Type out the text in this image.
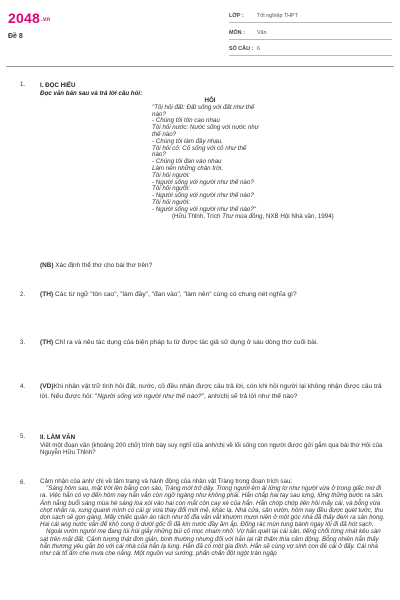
$2048^{.vn}$
Đề 8
LỚP : Tốt nghiệp THPT
MÔN : Văn
SỐ CÂU : 6
1. I. ĐỌC HIỂU
Đọc văn bản sau và trả lời câu hỏi:
HỎI
"Tôi hỏi đất: Đất sống với đất như thế
nào?
- Chúng tôi tôn cao nhau
Tôi hỏi nước: Nước sống với nước như
thế nào?
- Chúng tôi làm đầy nhau.
Tôi hỏi cỏ: Cỏ sống với cỏ như thế
nào?
- Chúng tôi đan vào nhau
Làm nên những chân trời.
Tôi hỏi người:
- Người sống với người như thế nào?
Tôi hỏi người:
- Người sống với người như thế nào?
Tôi hỏi người:
- Người sống với người như thế nào?"
(Hữu Thỉnh, Trích Thư mùa đông, NXB Hội Nhà văn, 1994)
(NB) Xác định thể thơ cho bài thơ trên?
2. (TH) Các từ ngữ "tôn cao", "làm đầy", "đan vào", "làm nên" cùng có chung nét nghĩa gì?
3. (TH) Chỉ ra và nêu tác dụng của biện pháp tu từ được tác giả sử dụng ở sáu dòng thơ cuối bài.
4. (VD)Khi nhân vật trữ tình hỏi đất, nước, cỏ đều nhận được câu trả lời, còn khi hỏi người lại không nhận được câu trả lời. Nếu được hỏi: "Người sống với người như thế nào?", anh/chị sẽ trả lời như thế nào?
5. II. LÀM VĂN
Viết một đoạn văn (khoảng 200 chữ) trình bày suy nghĩ của anh/chị về lối sống con người được gửi gắm qua bài thơ Hỏi của Nguyễn Hữu Thỉnh?
6. Cảm nhận của anh/ chị về tâm trạng và hành động của nhân vật Tràng trong đoạn trích sau:

"Sáng hôm sau, mặt trời lên bằng con sào, Tràng mới trở dậy. Trong người êm ái lửng lơ như người vừa ở trong giấc mơ đi ra. Việc hắn có vợ đến hôm nay hắn vẫn còn ngỡ ngàng như không phải. Hắn chắp hai tay sau lưng, lững thững bước ra sân. Ánh nắng buổi sáng mùa hè sáng lóa xói vào hai con mắt còn cay xè của hắn. Hắn chớp chớp liên hồi mấy cái, và bỗng vừa chợt nhận ra, xung quanh mình có cái gì vừa thay đổi mới mẻ, khác lạ. Nhà cửa, sân vườn, hôm nay đều được quét tước, thu dọn sạch sẽ gọn gàng. Mấy chiếc quần áo rách như tổ đỉa vẫn vắt khươm mươi niên ở một góc nhà đã thấy đem ra sân hong. Hai cái ang nước vẫn để khô cong ở dưới gốc ổi đã kín nước đầy ăm ắp. Đống rác mùn tung bành ngay lối đi đã hót sạch.

Ngoài vườn người mẹ đang lúi húi giẫy những búi cỏ mọc nham nhở. Vợ hắn quét lại cái sân, tiếng chổi từng nhát kêu sàn sạt trên mặt đất. Cảnh tượng thật đơn giản, bình thường nhưng đối với hắn lại rất thấm thía cảm động. Bỗng nhiên hắn thấy hắn thương yêu gắn bó với cái nhà của hắn lạ lùng. Hắn đã có một gia đình. Hắn sẽ cùng vợ sinh con đẻ cái ở đấy. Cái nhà như cái tổ ấm che mưa che nắng. Một nguồn vui sướng, phấn chấn đột ngột tràn ngập
